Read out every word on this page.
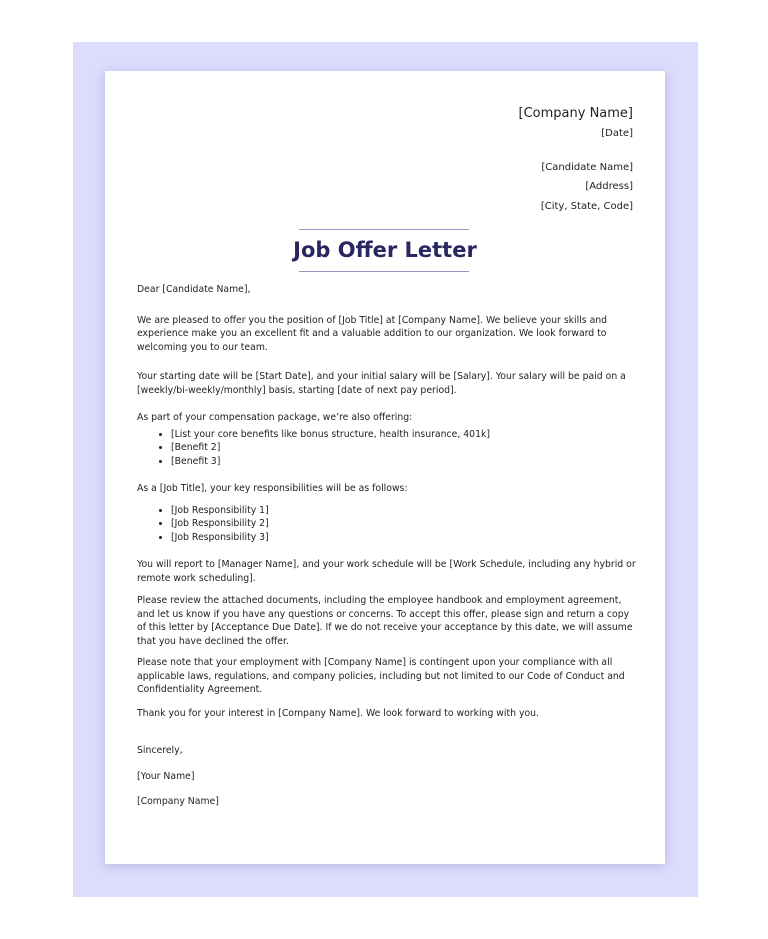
[Company Name]
[Date]
[Candidate Name]
[Address]
[City, State, Code]
Job Offer Letter

Dear [Candidate Name],

We are pleased to offer you the position of [Job Title] at [Company Name]. We believe your skills and experience make you an excellent fit and a valuable addition to our organization. We look forward to welcoming you to our team.

Your starting date will be [Start Date], and your initial salary will be [Salary]. Your salary will be paid on a [weekly/bi-weekly/monthly] basis, starting [date of next pay period].

As part of your compensation package, we’re also offering:

• [List your core benefits like bonus structure, health insurance, 401k]
• [Benefit 2]
• [Benefit 3]

As a [Job Title], your key responsibilities will be as follows:

• [Job Responsibility 1]
• [Job Responsibility 2]
• [Job Responsibility 3]

You will report to [Manager Name], and your work schedule will be [Work Schedule, including any hybrid or remote work scheduling].

Please review the attached documents, including the employee handbook and employment agreement, and let us know if you have any questions or concerns. To accept this offer, please sign and return a copy of this letter by [Acceptance Due Date]. If we do not receive your acceptance by this date, we will assume that you have declined the offer.

Please note that your employment with [Company Name] is contingent upon your compliance with all applicable laws, regulations, and company policies, including but not limited to our Code of Conduct and Confidentiality Agreement.

Thank you for your interest in [Company Name]. We look forward to working with you.

Sincerely,

[Your Name]

[Company Name]
